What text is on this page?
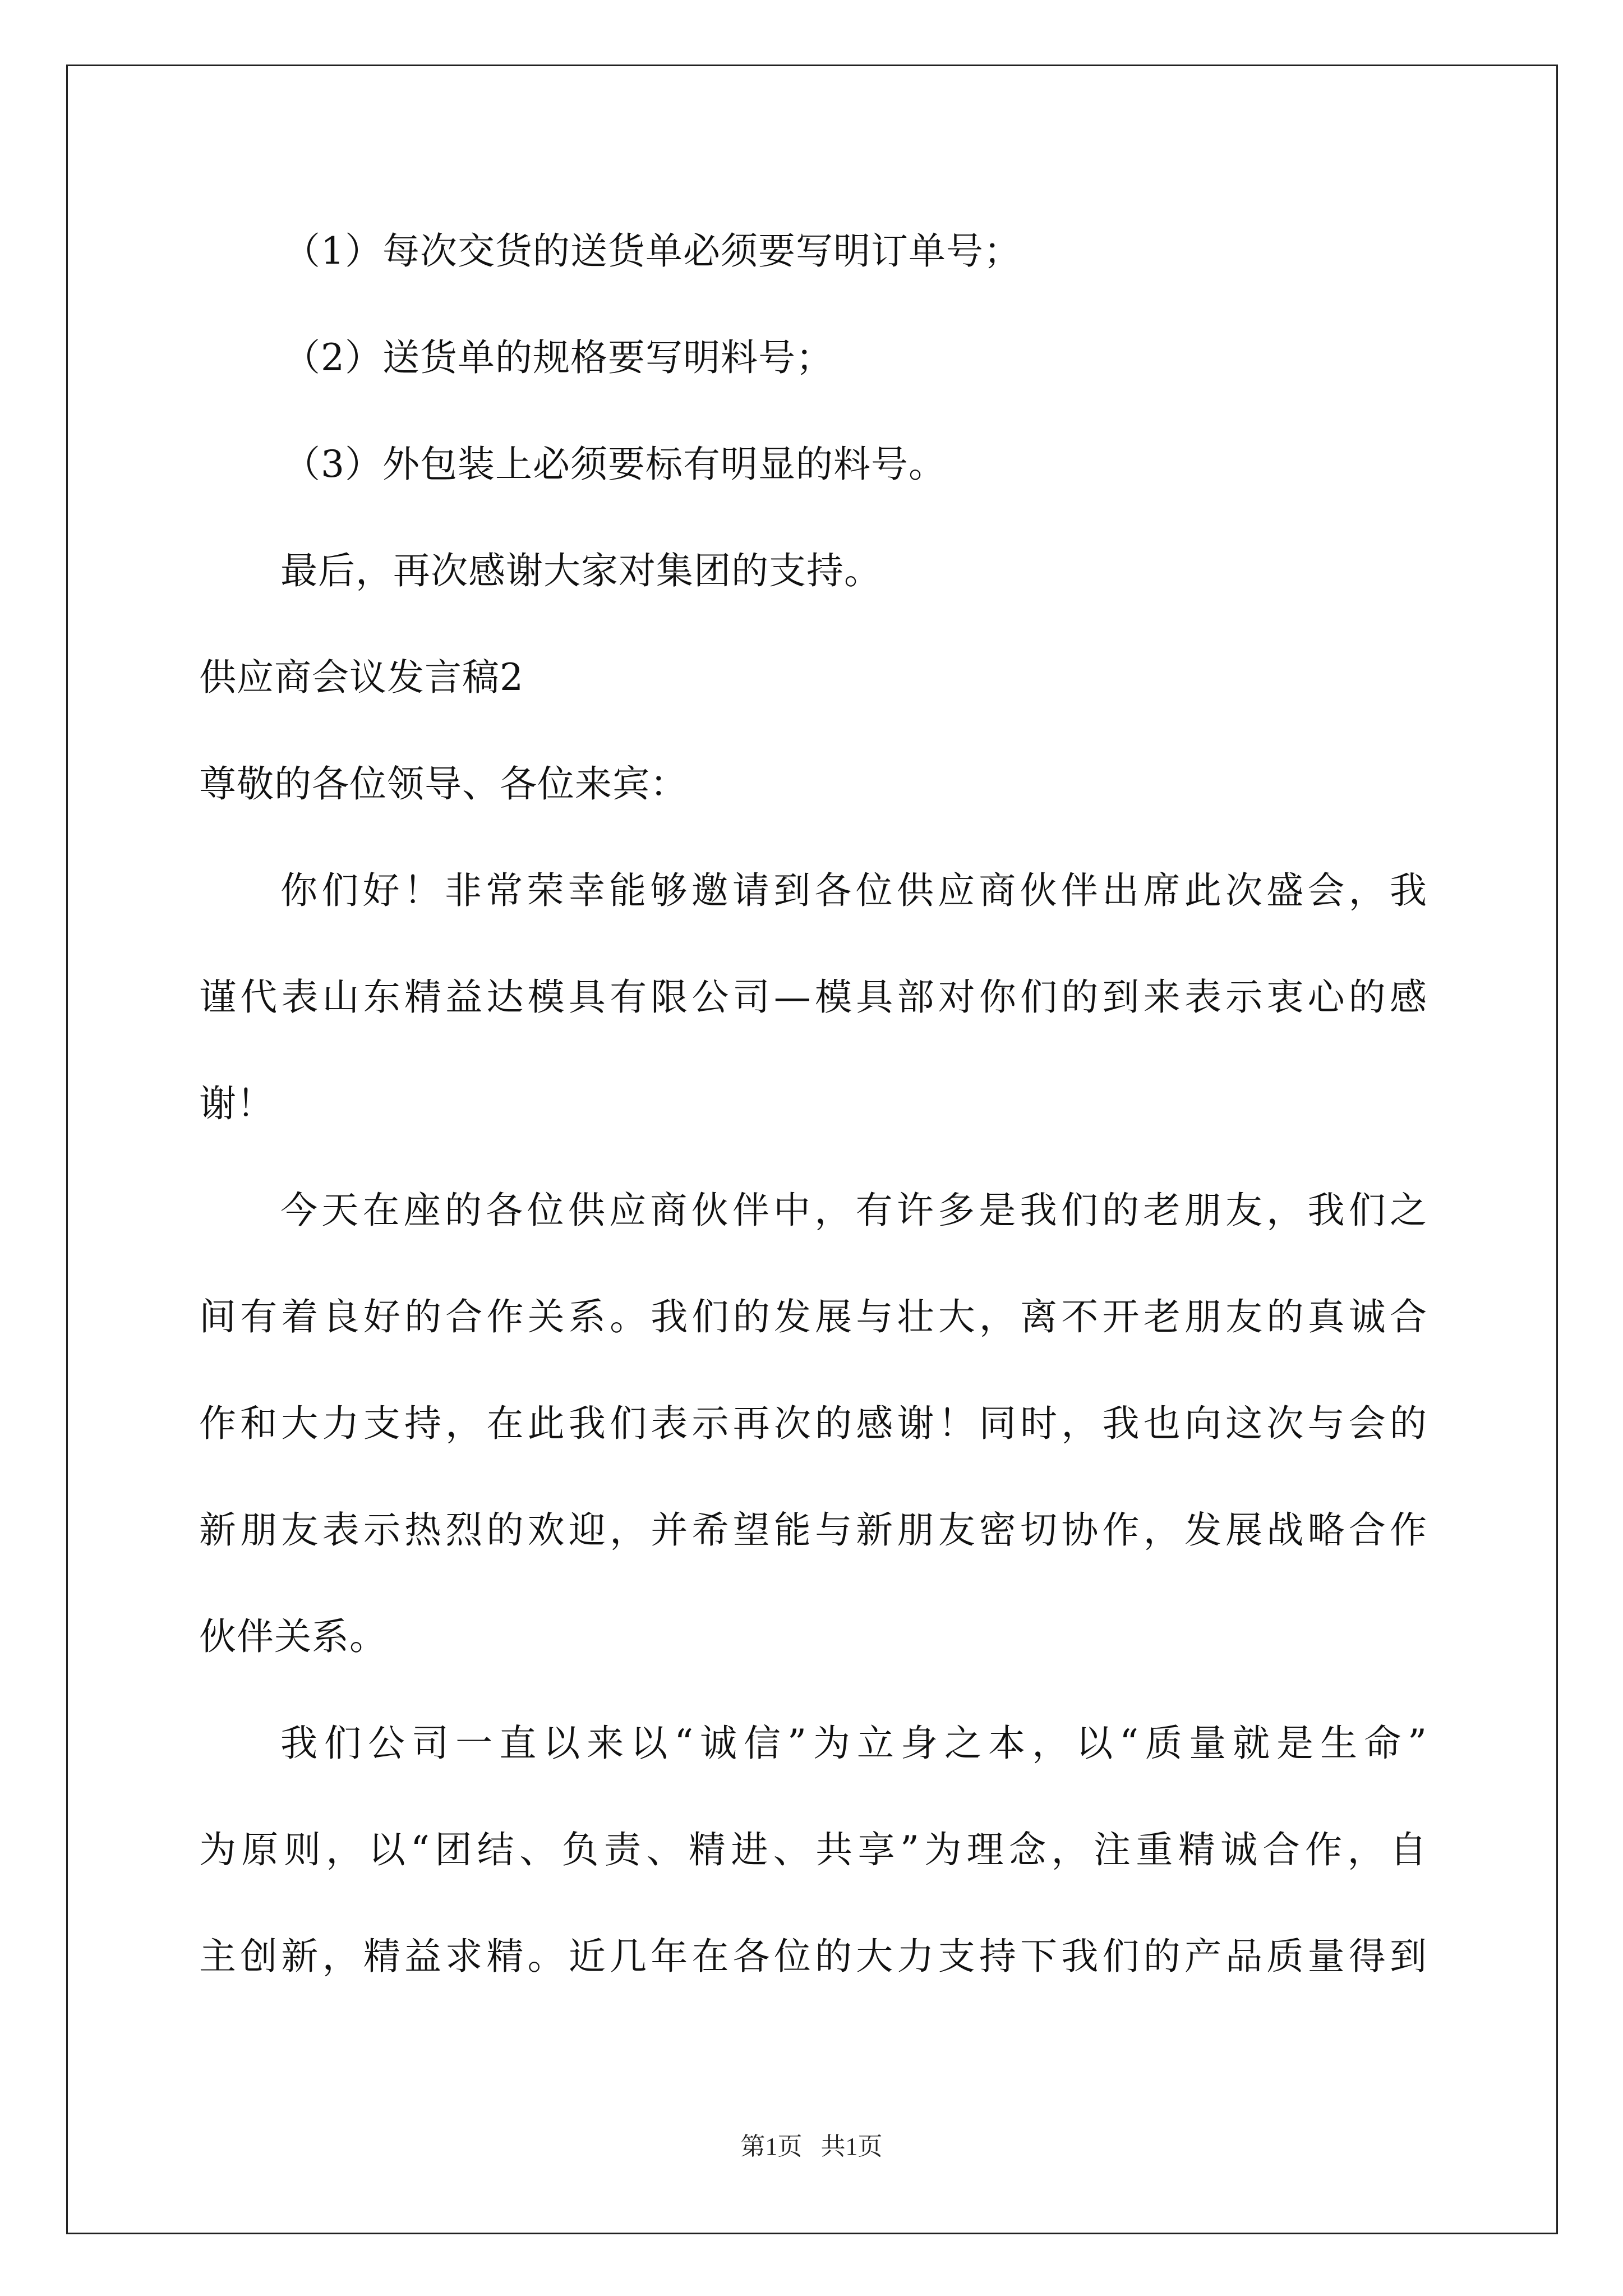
（1）每次交货的送货单必须要写明订单号；
（2）送货单的规格要写明料号；
（3）外包装上必须要标有明显的料号。
最后，再次感谢大家对集团的支持。
供应商会议发言稿2
尊敬的各位领导、各位来宾：
你们好！非常荣幸能够邀请到各位供应商伙伴出席此次盛会，我
谨代表山东精益达模具有限公司—模具部对你们的到来表示衷心的感
谢！
今天在座的各位供应商伙伴中，有许多是我们的老朋友，我们之
间有着良好的合作关系。我们的发展与壮大，离不开老朋友的真诚合
作和大力支持，在此我们表示再次的感谢！同时，我也向这次与会的
新朋友表示热烈的欢迎，并希望能与新朋友密切协作，发展战略合作
伙伴关系。
我们公司一直以来以“诚信”为立身之本，以“质量就是生命”
为原则，以“团结、负责、精进、共享”为理念，注重精诚合作，自
主创新，精益求精。近几年在各位的大力支持下我们的产品质量得到
第1页   共1页
